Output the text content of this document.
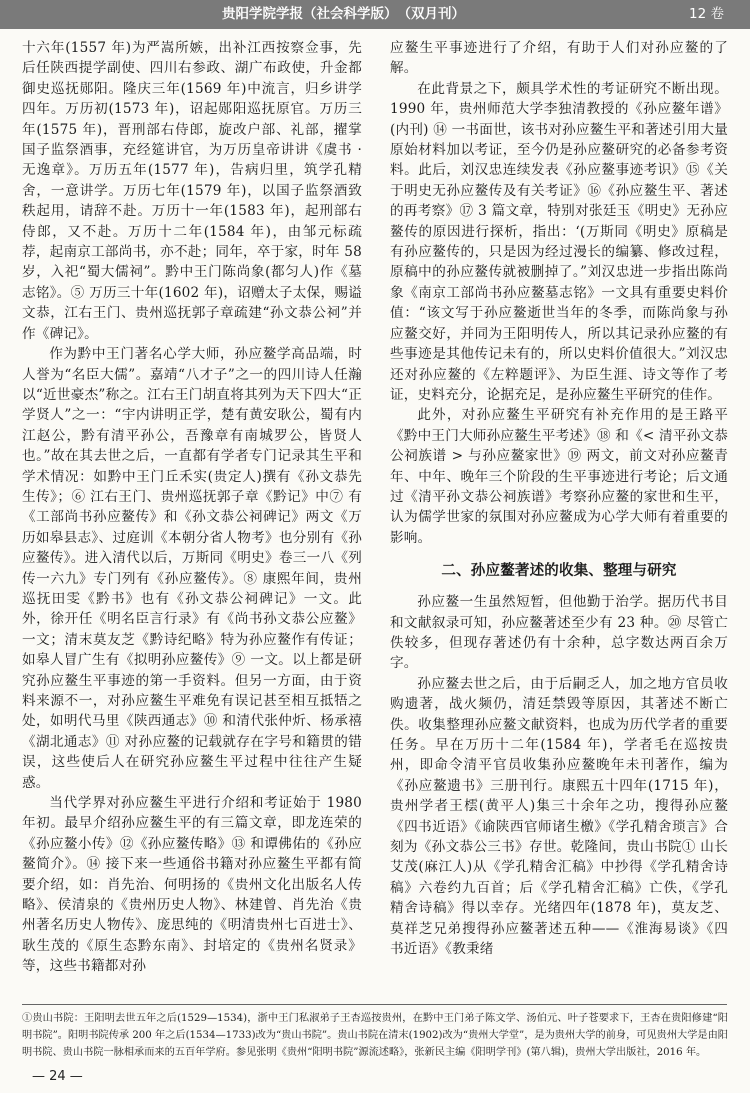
贵阳学院学报（社会科学版）　（双月刊）	12 卷

十六年(1557 年)为严嵩所嫉，出补江西按察佥事，先后任陕西提学副使、四川右参政、湖广布政使，升金都御史巡抚郧阳。隆庆三年(1569 年)中流言，归乡讲学四年。万历初(1573 年)，诏起郧阳巡抚原官。万历三年(1575 年)，晋刑部右侍郎，旋改户部、礼部，擢掌国子监祭酒事，充经筵讲官，为万历皇帝讲讲《虞书 · 无逸章》。万历五年(1577 年)，告病归里，筑学孔精舍，一意讲学。万历七年(1579 年)，以国子监祭酒致秩起用，请辞不赴。万历十一年(1583 年)，起刑部右侍郎，又不赴。万历十二年(1584 年)，由邹元标疏荐，起南京工部尚书，亦不赴；同年，卒于家，时年 58 岁，入祀“蜀大儒祠”。黔中王门陈尚象(都匀人)作《墓志铭》。⑤ 万历三十年(1602 年)，诏赠太子太保，赐谥文恭，江右王门、贵州巡抚郭子章疏建“孙文恭公祠”并作《碑记》。

作为黔中王门著名心学大师，孙应鳌学高品端，时人誉为“名臣大儒”。嘉靖“八才子”之一的四川诗人任瀚以“近世豪杰”称之。江右王门胡直将其列为天下四大“正学贤人”之一：“宇内讲明正学，楚有黄安耿公，蜀有内江赵公，黔有清平孙公，吾豫章有南城罗公，皆贤人也。”故在其去世之后，一直都有学者专门记录其生平和学术情况：如黔中王门丘禾实(贵定人)撰有《孙文恭先生传》；⑥ 江右王门、贵州巡抚郭子章《黔记》中⑦ 有《工部尚书孙应鳌传》和《孙文恭公祠碑记》两文《万历如皋县志》、过庭训《本朝分省人物考》也分别有《孙应鳌传》。进入清代以后，万斯同《明史》卷三一八《列传一六九》专门列有《孙应鳌传》。⑧ 康熙年间，贵州巡抚田雯《黔书》也有《孙文恭公祠碑记》一文。此外，徐开任《明名臣言行录》有《尚书孙文恭公应鳌》一文；清末莫友芝《黔诗纪略》特为孙应鳌作有传证；如皋人冒广生有《拟明孙应鳌传》⑨ 一文。以上都是研究孙应鳌生平事迹的第一手资料。但另一方面，由于资料来源不一，对孙应鳌生平难免有误记甚至相互抵牾之处，如明代马里《陕西通志》⑩ 和清代张仲炘、杨承禧《湖北通志》⑪ 对孙应鳌的记载就存在字号和籍贯的错误，这些使后人在研究孙应鳌生平过程中往往产生疑惑。

当代学界对孙应鳌生平进行介绍和考证始于 1980 年初。最早介绍孙应鳌生平的有三篇文章，即龙连荣的《孙应鳌小传》⑫《孙应鳌传略》⑬ 和谭佛佑的《孙应鳌简介》。⑭ 接下来一些通俗书籍对孙应鳌生平都有简要介绍，如：肖先治、何明扬的《贵州文化出版名人传略》、侯清泉的《贵州历史人物》、林建曾、肖先治《贵州著名历史人物传》、庞思纯的《明清贵州七百进士》、耿生茂的《原生态黔东南》、封培定的《贵州名贤录》等，这些书籍都对孙

应鳌生平事迹进行了介绍，有助于人们对孙应鳌的了解。

在此背景之下，颇具学术性的考证研究不断出现。1990 年，贵州师范大学李独清教授的《孙应鳌年谱》(内刊) ⑭ 一书面世，该书对孙应鳌生平和著述引用大量原始材料加以考证，至今仍是孙应鳌研究的必备参考资料。此后，刘汉忠连续发表《孙应鳌事迹考识》⑮《关于明史无孙应鳌传及有关考证》⑯《孙应鳌生平、著述的再考察》⑰ 3 篇文章，特别对张廷玉《明史》无孙应鳌传的原因进行探析，指出：‘(万斯同《明史》原稿是有孙应鳌传的，只是因为经过漫长的编纂、修改过程，原稿中的孙应鳌传就被删掉了。”刘汉忠进一步指出陈尚象《南京工部尚书孙应鳌墓志铭》一文具有重要史料价值：“该文写于孙应鳌逝世当年的冬季，而陈尚象与孙应鳌交好，并同为王阳明传人，所以其记录孙应鳌的有些事迹是其他传记未有的，所以史料价值很大。”刘汉忠还对孙应鳌的《左粹题评》、为臣生涯、诗文等作了考证，史料充分，论据充足，是孙应鳌生平研究的佳作。

此外，对孙应鳌生平研究有补充作用的是王路平《黔中王门大师孙应鳌生平考述》⑱ 和《< 清平孙文恭公祠族谱 > 与孙应鳌家世》⑲ 两文，前文对孙应鳌青年、中年、晚年三个阶段的生平事迹进行考论；后文通过《清平孙文恭公祠族谱》考察孙应鳌的家世和生平，认为儒学世家的氛围对孙应鳌成为心学大师有着重要的影响。

二、孙应鳌著述的收集、整理与研究

孙应鳌一生虽然短暂，但他勤于治学。据历代书目和文献叙录可知，孙应鳌著述至少有 23 种。⑳ 尽管亡佚较多，但现存著述仍有十余种，总字数达两百余万字。

孙应鳌去世之后，由于后嗣乏人，加之地方官员收购遗著，战火频仍，清廷禁毁等原因，其著述不断亡佚。收集整理孙应鳌文献资料，也成为历代学者的重要任务。早在万历十二年(1584 年)，学者毛在巡按贵州，即命令清平官员收集孙应鳌晚年未刊著作，编为《孙应鳌遗书》三册刊行。康熙五十四年(1715 年)，贵州学者王橒(黄平人)集三十余年之功，搜得孙应鳌《四书近语》《谕陕西官师诸生檄》《学孔精舍琐言》合刻为《孙文恭公三书》存世。乾隆间，贵山书院① 山长艾茂(麻江人)从《学孔精舍汇稿》中抄得《学孔精舍诗稿》六卷约九百首；后《学孔精舍汇稿》亡佚，《学孔精舍诗稿》得以幸存。光绪四年(1878 年)，莫友芝、莫祥芝兄弟搜得孙应鳌著述五种——《淮海易谈》《四书近语》《教秉绪

①贵山书院：王阳明去世五年之后(1529—1534)，浙中王门私淑弟子王杏巡按贵州，在黔中王门弟子陈文学、汤伯元、叶子苍要求下，王杏在贵阳修建“阳明书院”。阳明书院传承 200 年之后(1534—1733)改为“贵山书院”。贵山书院在清末(1902)改为“贵州大学堂”，是为贵州大学的前身，可见贵州大学是由阳明书院、贵山书院一脉相承而来的五百年学府。参见张明《贵州“阳明书院”源流述略》，张新民主编《阳明学刊》(第八辑)，贵州大学出版社，2016 年。
— 24 —
